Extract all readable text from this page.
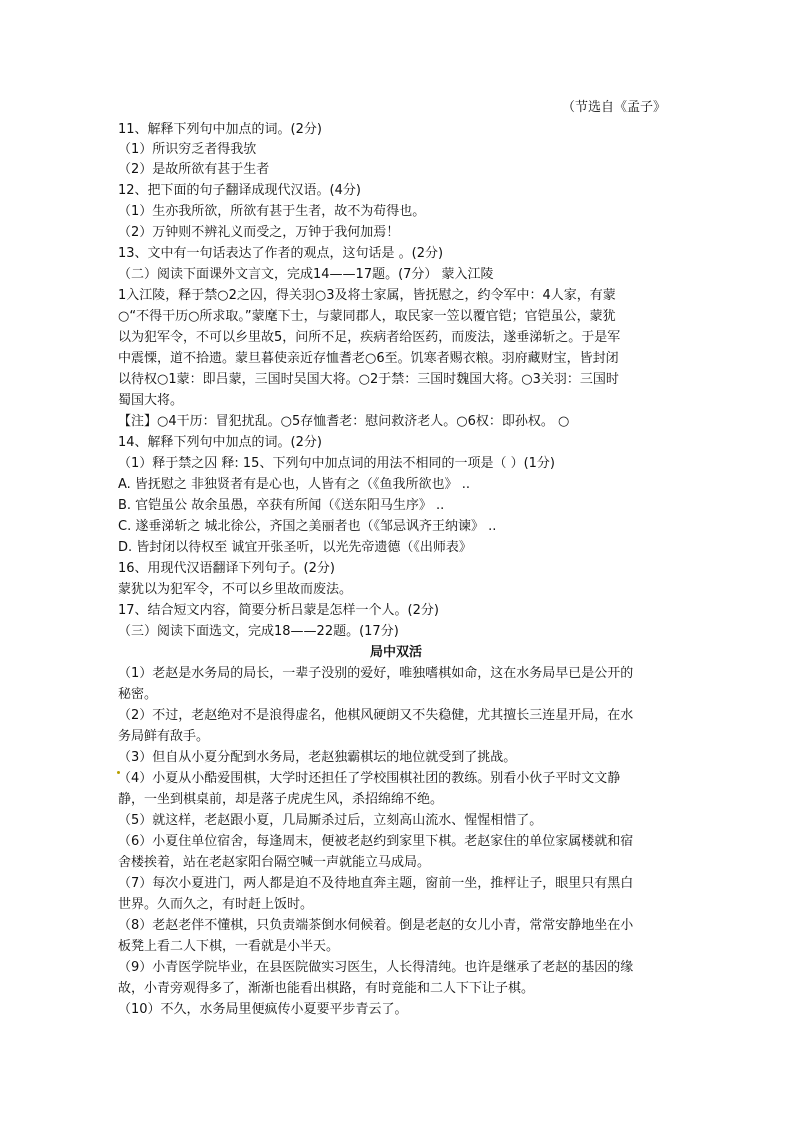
（节选自《孟子》
11、解释下列句中加点的词。(2分)
（1）所识穷乏者得我欤
（2）是故所欲有甚于生者
12、把下面的句子翻译成现代汉语。(4分)
（1）生亦我所欲，所欲有甚于生者，故不为苟得也。
（2）万钟则不辨礼义而受之，万钟于我何加焉！
13、文中有一句话表达了作者的观点，这句话是 。(2分)
（二）阅读下面课外文言文，完成14——17题。(7分） 蒙入江陵
1入江陵，释于禁○2之囚，得关羽○3及将士家属，皆抚慰之，约令军中：4人家，有蒙
○“不得干历○所求取。”蒙麾下士，与蒙同郡人，取民家一笠以覆官铠；官铠虽公，蒙犹
以为犯军令，不可以乡里故5，问所不足，疾病者给医药，而废法，遂垂涕斩之。于是军
中震慄，道不拾遗。蒙旦暮使亲近存恤耆老○6至。饥寒者赐衣粮。羽府藏财宝，皆封闭
以待权○1蒙：即吕蒙，三国时吴国大将。○2于禁：三国时魏国大将。○3关羽：三国时
蜀国大将。
【注】○4干历：冒犯扰乱。○5存恤耆老：慰问救济老人。○6权：即孙权。 ○
14、解释下列句中加点的词。(2分)
（1）释于禁之囚 释: 15、下列句中加点词的用法不相同的一项是（ ）(1分)
A. 皆抚慰之 非独贤者有是心也，人皆有之（《鱼我所欲也》 ..
B. 官铠虽公 故余虽愚，卒获有所闻（《送东阳马生序》 ..
C. 遂垂涕斩之 城北徐公，齐国之美丽者也（《邹忌讽齐王纳谏》 ..
D. 皆封闭以待权至 诚宜开张圣听，以光先帝遗德（《出师表》
16、用现代汉语翻译下列句子。(2分)
蒙犹以为犯军令，不可以乡里故而废法。
17、结合短文内容，简要分析吕蒙是怎样一个人。(2分)
（三）阅读下面选文，完成18——22题。(17分)
局中双活
（1）老赵是水务局的局长，一辈子没别的爱好，唯独嗜棋如命，这在水务局早已是公开的
秘密。
（2）不过，老赵绝对不是浪得虚名，他棋风硬朗又不失稳健，尤其擅长三连星开局，在水
务局鲜有敌手。
（3）但自从小夏分配到水务局，老赵独霸棋坛的地位就受到了挑战。
（4）小夏从小酷爱围棋，大学时还担任了学校围棋社团的教练。别看小伙子平时文文静
静，一坐到棋桌前，却是落子虎虎生风，杀招绵绵不绝。
（5）就这样，老赵跟小夏，几局厮杀过后，立刻高山流水、惺惺相惜了。
（6）小夏住单位宿舍，每逢周末，便被老赵约到家里下棋。老赵家住的单位家属楼就和宿
舍楼挨着，站在老赵家阳台隔空喊一声就能立马成局。
（7）每次小夏进门，两人都是迫不及待地直奔主题，窗前一坐，推枰让子，眼里只有黑白
世界。久而久之，有时赶上饭时。
（8）老赵老伴不懂棋，只负责端茶倒水伺候着。倒是老赵的女儿小青，常常安静地坐在小
板凳上看二人下棋，一看就是小半天。
（9）小青医学院毕业，在县医院做实习医生，人长得清纯。也许是继承了老赵的基因的缘
故，小青旁观得多了，渐渐也能看出棋路，有时竟能和二人下下让子棋。
（10）不久，水务局里便疯传小夏要平步青云了。
